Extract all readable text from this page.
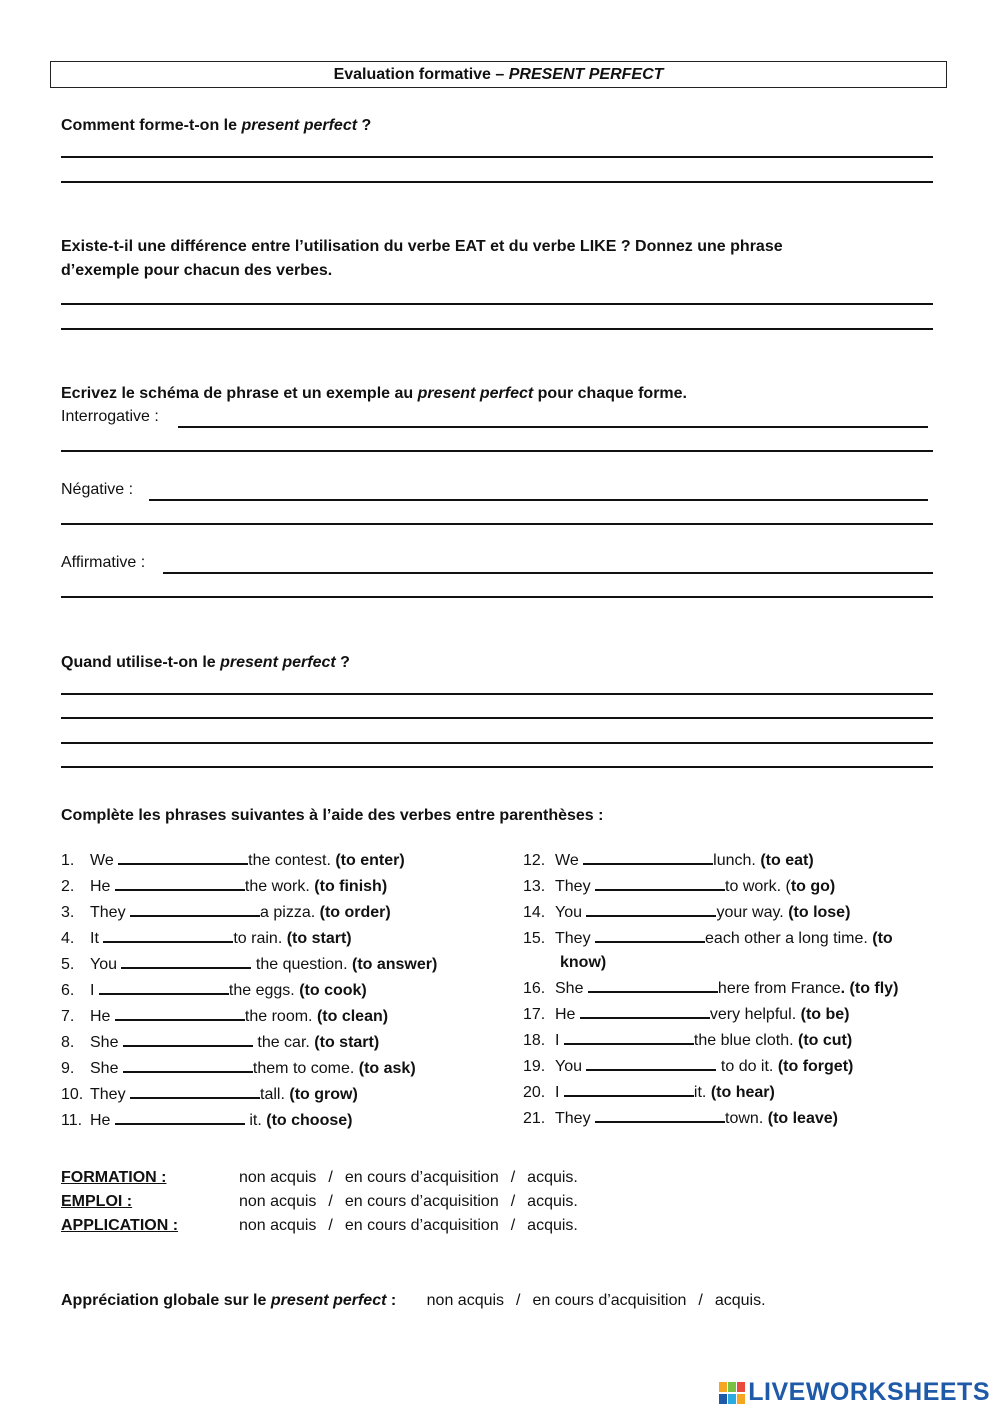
Evaluation formative – PRESENT PERFECT
Comment forme-t-on le present perfect ?
Existe-t-il une différence entre l’utilisation du verbe EAT et du verbe LIKE ? Donnez une phrase
d’exemple pour chacun des verbes.
Ecrivez le schéma de phrase et un exemple au present perfect pour chaque forme.
Interrogative :
Négative :
Affirmative :
Quand utilise-t-on le present perfect ?
Complète les phrases suivantes à l’aide des verbes entre parenthèses :
1. We	the contest. (to enter)
2. He	the work. (to finish)
3. They	a pizza. (to order)
4. It	to rain. (to start)
5. You	the question. (to answer)
6. I	the eggs. (to cook)
7. He	the room. (to clean)
8. She	the car. (to start)
9. She	them to come. (to ask)
10. They	tall. (to grow)
11. He	it. (to choose)
12. We	lunch. (to eat)
13. They	to work. (to go)
14. You	your way. (to lose)
15. They	each other a long time. (to
know)
16. She	here from France. (to fly)
17. He	very helpful. (to be)
18. I	the blue cloth. (to cut)
19. You	to do it. (to forget)
20. I	it. (to hear)
21. They	town. (to leave)
FORMATION :	non acquis / en cours d’acquisition / acquis.
EMPLOI :	non acquis / en cours d’acquisition / acquis.
APPLICATION :	non acquis / en cours d’acquisition / acquis.
Appréciation globale sur le present perfect : non acquis / en cours d’acquisition / acquis.
LIVEWORKSHEETS
